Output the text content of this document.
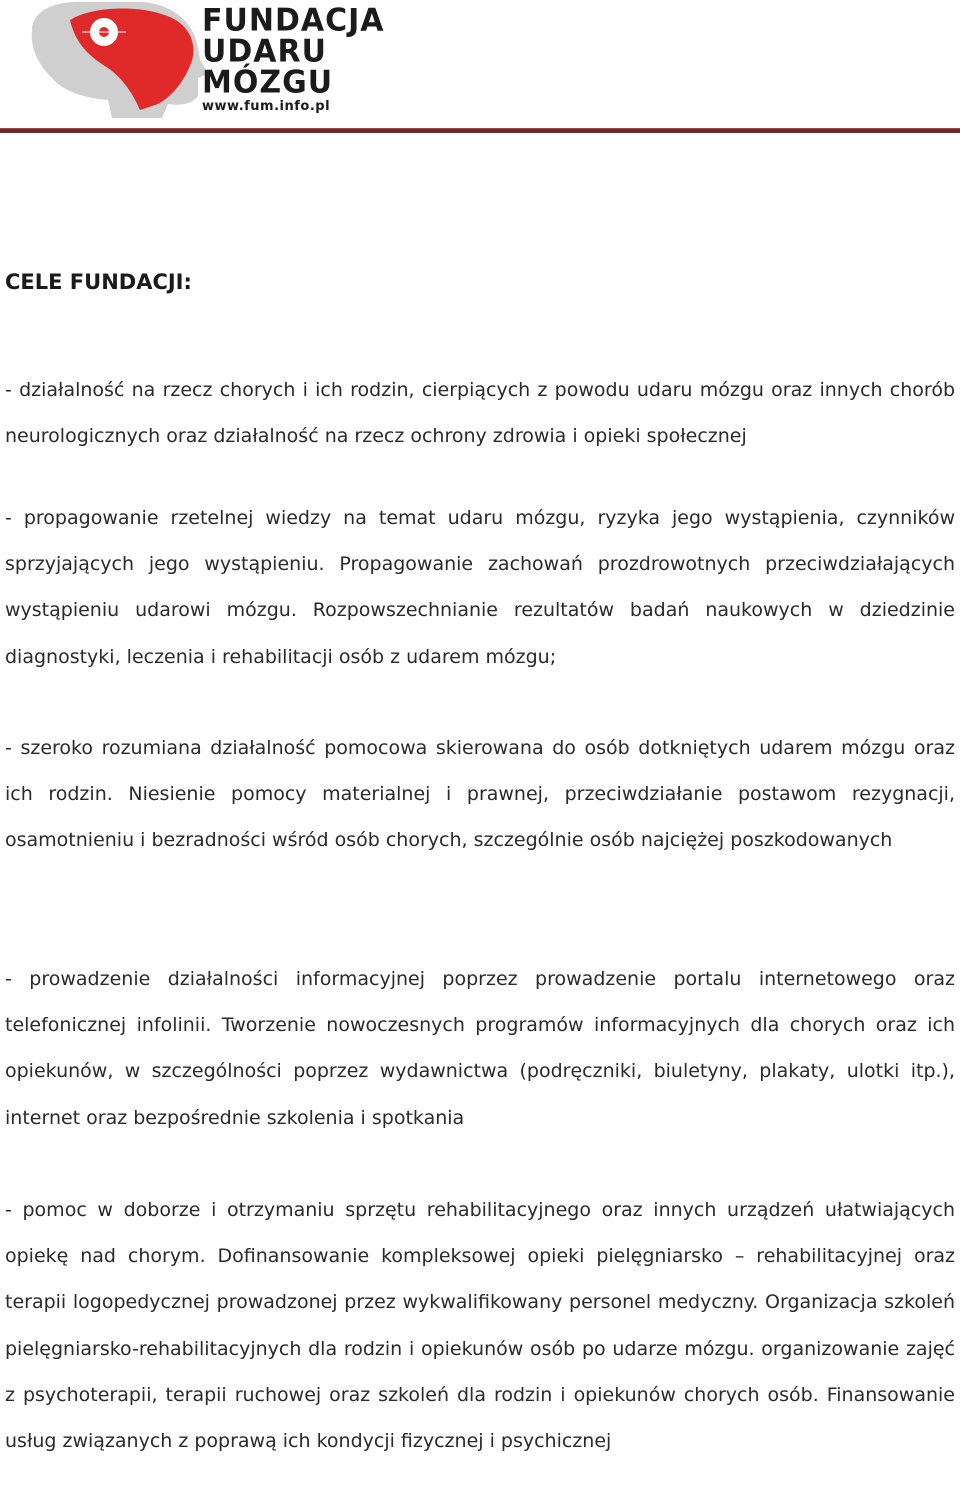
FUNDACJA
UDARU
MÓZGU
www.fum.info.pl
CELE FUNDACJI:

- działalność na rzecz chorych i ich rodzin, cierpiących z powodu udaru mózgu oraz innych chorób neurologicznych oraz działalność na rzecz ochrony zdrowia i opieki społecznej

- propagowanie rzetelnej wiedzy na temat udaru mózgu, ryzyka jego wystąpienia, czynników sprzyjających jego wystąpieniu. Propagowanie zachowań prozdrowotnych przeciwdziałających wystąpieniu udarowi mózgu. Rozpowszechnianie rezultatów badań naukowych w dziedzinie diagnostyki, leczenia i rehabilitacji osób z udarem mózgu;

- szeroko rozumiana działalność pomocowa skierowana do osób dotkniętych udarem mózgu oraz ich rodzin. Niesienie pomocy materialnej i prawnej, przeciwdziałanie postawom rezygnacji, osamotnieniu i bezradności wśród osób chorych, szczególnie osób najciężej poszkodowanych

- prowadzenie działalności informacyjnej poprzez prowadzenie portalu internetowego oraz telefonicznej infolinii. Tworzenie nowoczesnych programów informacyjnych dla chorych oraz ich opiekunów, w szczególności poprzez wydawnictwa (podręczniki, biuletyny, plakaty, ulotki itp.), internet oraz bezpośrednie szkolenia i spotkania

- pomoc w doborze i otrzymaniu sprzętu rehabilitacyjnego oraz innych urządzeń ułatwiających opiekę nad chorym. Dofinansowanie kompleksowej opieki pielęgniarsko – rehabilitacyjnej oraz terapii logopedycznej prowadzonej przez wykwalifikowany personel medyczny. Organizacja szkoleń pielęgniarsko-rehabilitacyjnych dla rodzin i opiekunów osób po udarze mózgu. organizowanie zajęć z psychoterapii, terapii ruchowej oraz szkoleń dla rodzin i opiekunów chorych osób. Finansowanie usług związanych z poprawą ich kondycji fizycznej i psychicznej
